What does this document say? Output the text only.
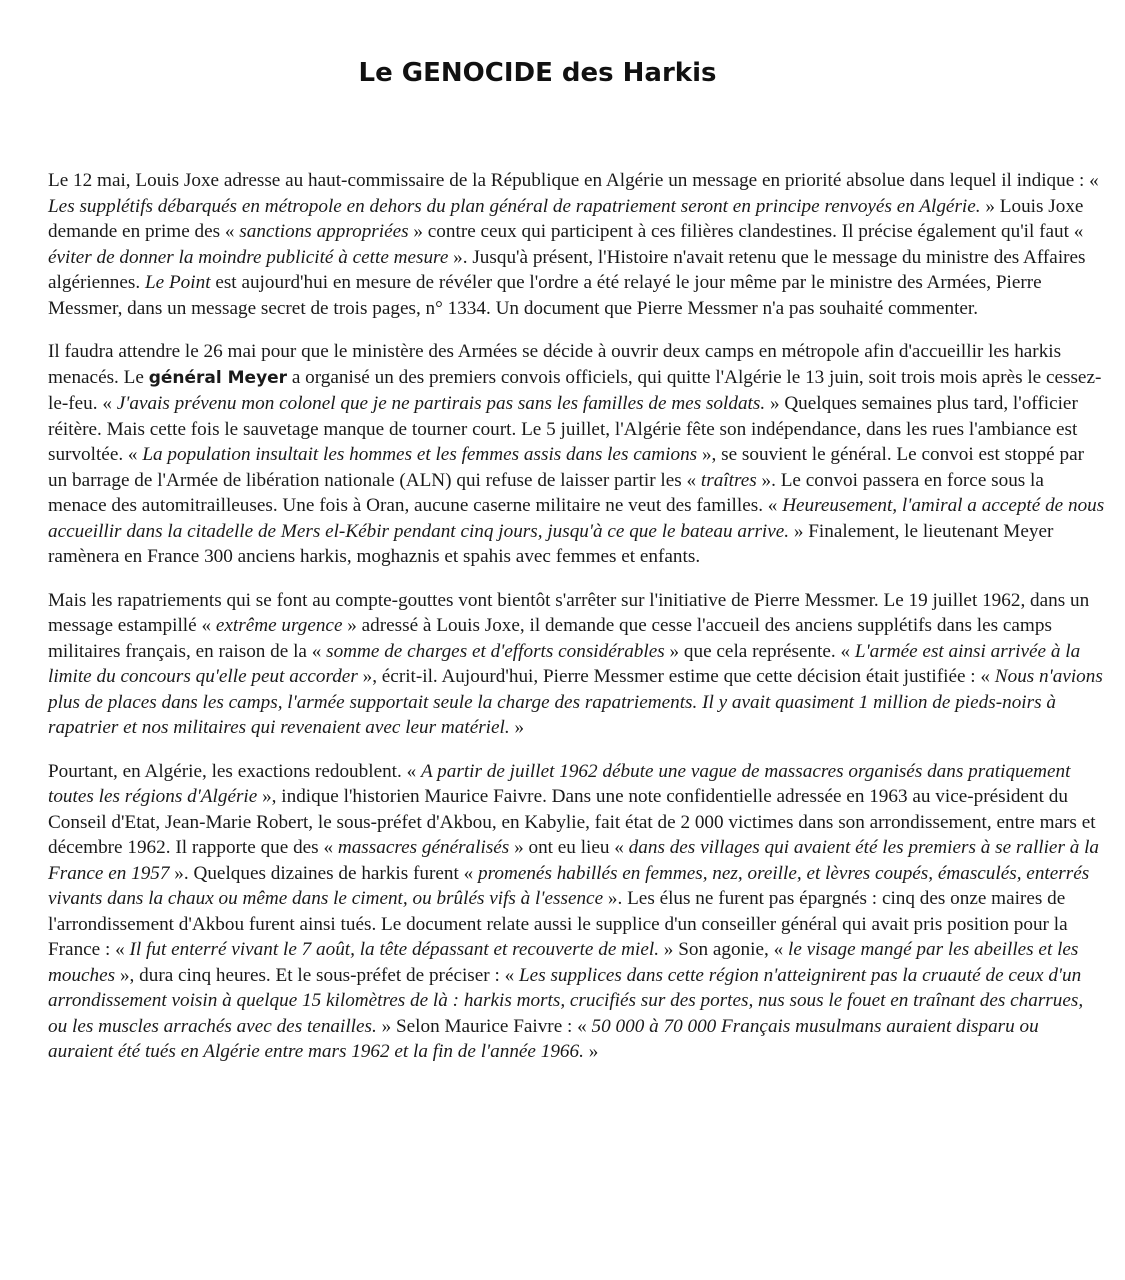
Le GENOCIDE des Harkis

Le 12 mai, Louis Joxe adresse au haut-commissaire de la République en Algérie un message en priorité absolue dans lequel il indique : « Les supplétifs débarqués en métropole en dehors du plan général de rapatriement seront en principe renvoyés en Algérie. » Louis Joxe demande en prime des « sanctions appropriées » contre ceux qui participent à ces filières clandestines. Il précise également qu'il faut « éviter de donner la moindre publicité à cette mesure ». Jusqu'à présent, l'Histoire n'avait retenu que le message du ministre des Affaires algériennes. Le Point est aujourd'hui en mesure de révéler que l'ordre a été relayé le jour même par le ministre des Armées, Pierre Messmer, dans un message secret de trois pages, n° 1334. Un document que Pierre Messmer n'a pas souhaité commenter.

Il faudra attendre le 26 mai pour que le ministère des Armées se décide à ouvrir deux camps en métropole afin d'accueillir les harkis menacés. Le général Meyer a organisé un des premiers convois officiels, qui quitte l'Algérie le 13 juin, soit trois mois après le cessez-le-feu. « J'avais prévenu mon colonel que je ne partirais pas sans les familles de mes soldats. » Quelques semaines plus tard, l'officier réitère. Mais cette fois le sauvetage manque de tourner court. Le 5 juillet, l'Algérie fête son indépendance, dans les rues l'ambiance est survoltée. « La population insultait les hommes et les femmes assis dans les camions », se souvient le général. Le convoi est stoppé par un barrage de l'Armée de libération nationale (ALN) qui refuse de laisser partir les « traîtres ». Le convoi passera en force sous la menace des automitrailleuses. Une fois à Oran, aucune caserne militaire ne veut des familles. « Heureusement, l'amiral a accepté de nous accueillir dans la citadelle de Mers el-Kébir pendant cinq jours, jusqu'à ce que le bateau arrive. » Finalement, le lieutenant Meyer ramènera en France 300 anciens harkis, moghaznis et spahis avec femmes et enfants.

Mais les rapatriements qui se font au compte-gouttes vont bientôt s'arrêter sur l'initiative de Pierre Messmer. Le 19 juillet 1962, dans un message estampillé « extrême urgence » adressé à Louis Joxe, il demande que cesse l'accueil des anciens supplétifs dans les camps militaires français, en raison de la « somme de charges et d'efforts considérables » que cela représente. « L'armée est ainsi arrivée à la limite du concours qu'elle peut accorder », écrit-il. Aujourd'hui, Pierre Messmer estime que cette décision était justifiée : « Nous n'avions plus de places dans les camps, l'armée supportait seule la charge des rapatriements. Il y avait quasiment 1 million de pieds-noirs à rapatrier et nos militaires qui revenaient avec leur matériel. »

Pourtant, en Algérie, les exactions redoublent. « A partir de juillet 1962 débute une vague de massacres organisés dans pratiquement toutes les régions d'Algérie », indique l'historien Maurice Faivre. Dans une note confidentielle adressée en 1963 au vice-président du Conseil d'Etat, Jean-Marie Robert, le sous-préfet d'Akbou, en Kabylie, fait état de 2 000 victimes dans son arrondissement, entre mars et décembre 1962. Il rapporte que des « massacres généralisés » ont eu lieu « dans des villages qui avaient été les premiers à se rallier à la France en 1957 ». Quelques dizaines de harkis furent « promenés habillés en femmes, nez, oreille, et lèvres coupés, émasculés, enterrés vivants dans la chaux ou même dans le ciment, ou brûlés vifs à l'essence ». Les élus ne furent pas épargnés : cinq des onze maires de l'arrondissement d'Akbou furent ainsi tués. Le document relate aussi le supplice d'un conseiller général qui avait pris position pour la France : « Il fut enterré vivant le 7 août, la tête dépassant et recouverte de miel. » Son agonie, « le visage mangé par les abeilles et les mouches », dura cinq heures. Et le sous-préfet de préciser : « Les supplices dans cette région n'atteignirent pas la cruauté de ceux d'un arrondissement voisin à quelque 15 kilomètres de là : harkis morts, crucifiés sur des portes, nus sous le fouet en traînant des charrues, ou les muscles arrachés avec des tenailles. » Selon Maurice Faivre : « 50 000 à 70 000 Français musulmans auraient disparu ou auraient été tués en Algérie entre mars 1962 et la fin de l'année 1966. »
